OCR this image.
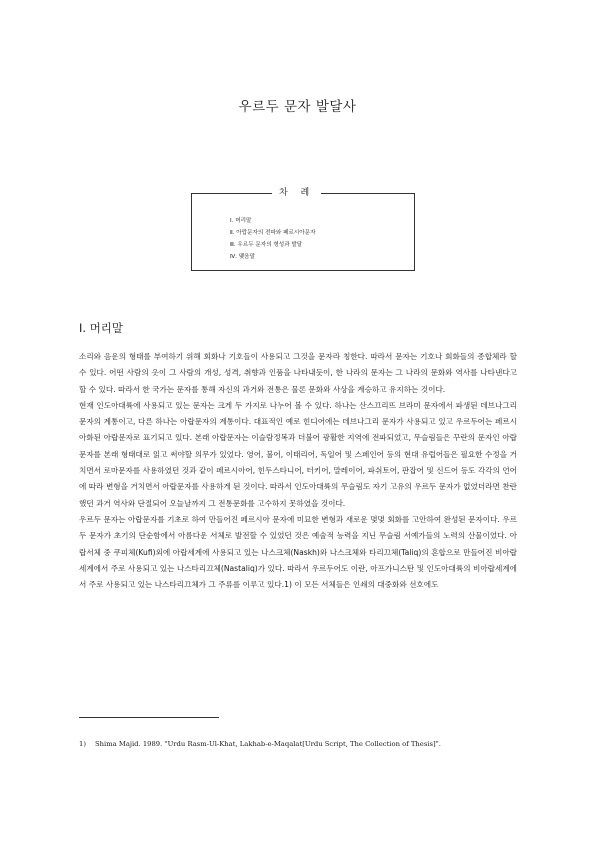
우르두 문자 발달사
차 례
Ⅰ. 머리말
Ⅱ. 아랍문자의 전파와 페르시아문자
Ⅲ. 우르두 문자의 형성과 발달
Ⅳ. 맺음말
Ⅰ. 머리말

소리와 음운의 형태를 부여하기 위해 회화나 기호들이 사용되고 그것을 문자라 칭한다. 따라서 문자는 기호나 회화들의 종합체라 할 수 있다. 어떤 사람의 옷이 그 사람의 개성, 성격, 취향과 인품을 나타내듯이, 한 나라의 문자는 그 나라의 문화와 역사를 나타낸다고 할 수 있다. 따라서 한 국가는 문자를 통해 자신의 과거와 전통은 물론 문화와 사상을 계승하고 유지하는 것이다.

현재 인도아대륙에 사용되고 있는 문자는 크게 두 가지로 나누어 볼 수 있다. 하나는 산스끄리뜨 브라미 문자에서 파생된 데브나그리 문자의 계통이고, 다른 하나는 아랍문자의 계통이다. 대표적인 예로 힌디어에는 데브나그리 문자가 사용되고 있고 우르두어는 페르시아화된 아랍문자로 표기되고 있다. 본래 아랍문자는 이슬람정복과 더불어 광활한 지역에 전파되었고, 무슬림들은 꾸란의 문자인 아랍문자를 본래 형태대로 읽고 써야할 의무가 있었다. 영어, 불어, 이태리어, 독일어 및 스페인어 등의 현대 유럽어들은 필요한 수정을 거치면서 로마문자를 사용하였던 것과 같이 페르시아어, 힌두스타니어, 터키어, 말레이어, 파쉬토어, 판잡어 및 신드어 등도 각각의 언어에 따라 변형을 거치면서 아랍문자를 사용하게 된 것이다. 따라서 인도아대륙의 무슬림도 자기 고유의 우르두 문자가 없었더라면 찬란했던 과거 역사와 단절되어 오늘날까지 그 전통문화를 고수하지 못하였을 것이다.

우르두 문자는 아랍문자를 기초로 하여 만들어진 페르시아 문자에 미묘한 변형과 새로운 몇몇 회화를 고안하여 완성된 문자이다. 우르두 문자가 초기의 단순함에서 아름다운 서체로 발전할 수 있었던 것은 예술적 능력을 지닌 무슬림 서예가들의 노력의 산물이었다. 아랍서체 중 쿠피체(Kufi)외에 아랍세계에 사용되고 있는 나스크체(Naskh)와 나스크체와 타리끄체(Taliq)의 혼합으로 만들어진 비아랍세계에서 주로 사용되고 있는 나스타리끄체(Nastaliq)가 있다. 따라서 우르두어도 이란, 아프가니스탄 및 인도아대륙의 비아랍세계에서 주로 사용되고 있는 나스타리끄체가 그 주류를 이루고 있다.1) 이 모든 서체들은 인쇄의 대중화와 선호에도

1) Shima Majid. 1989. "Urdu Rasm-Ul-Khat, Lakhab-e-Maqalat[Urdu Script, The Collection of Thesis]".
